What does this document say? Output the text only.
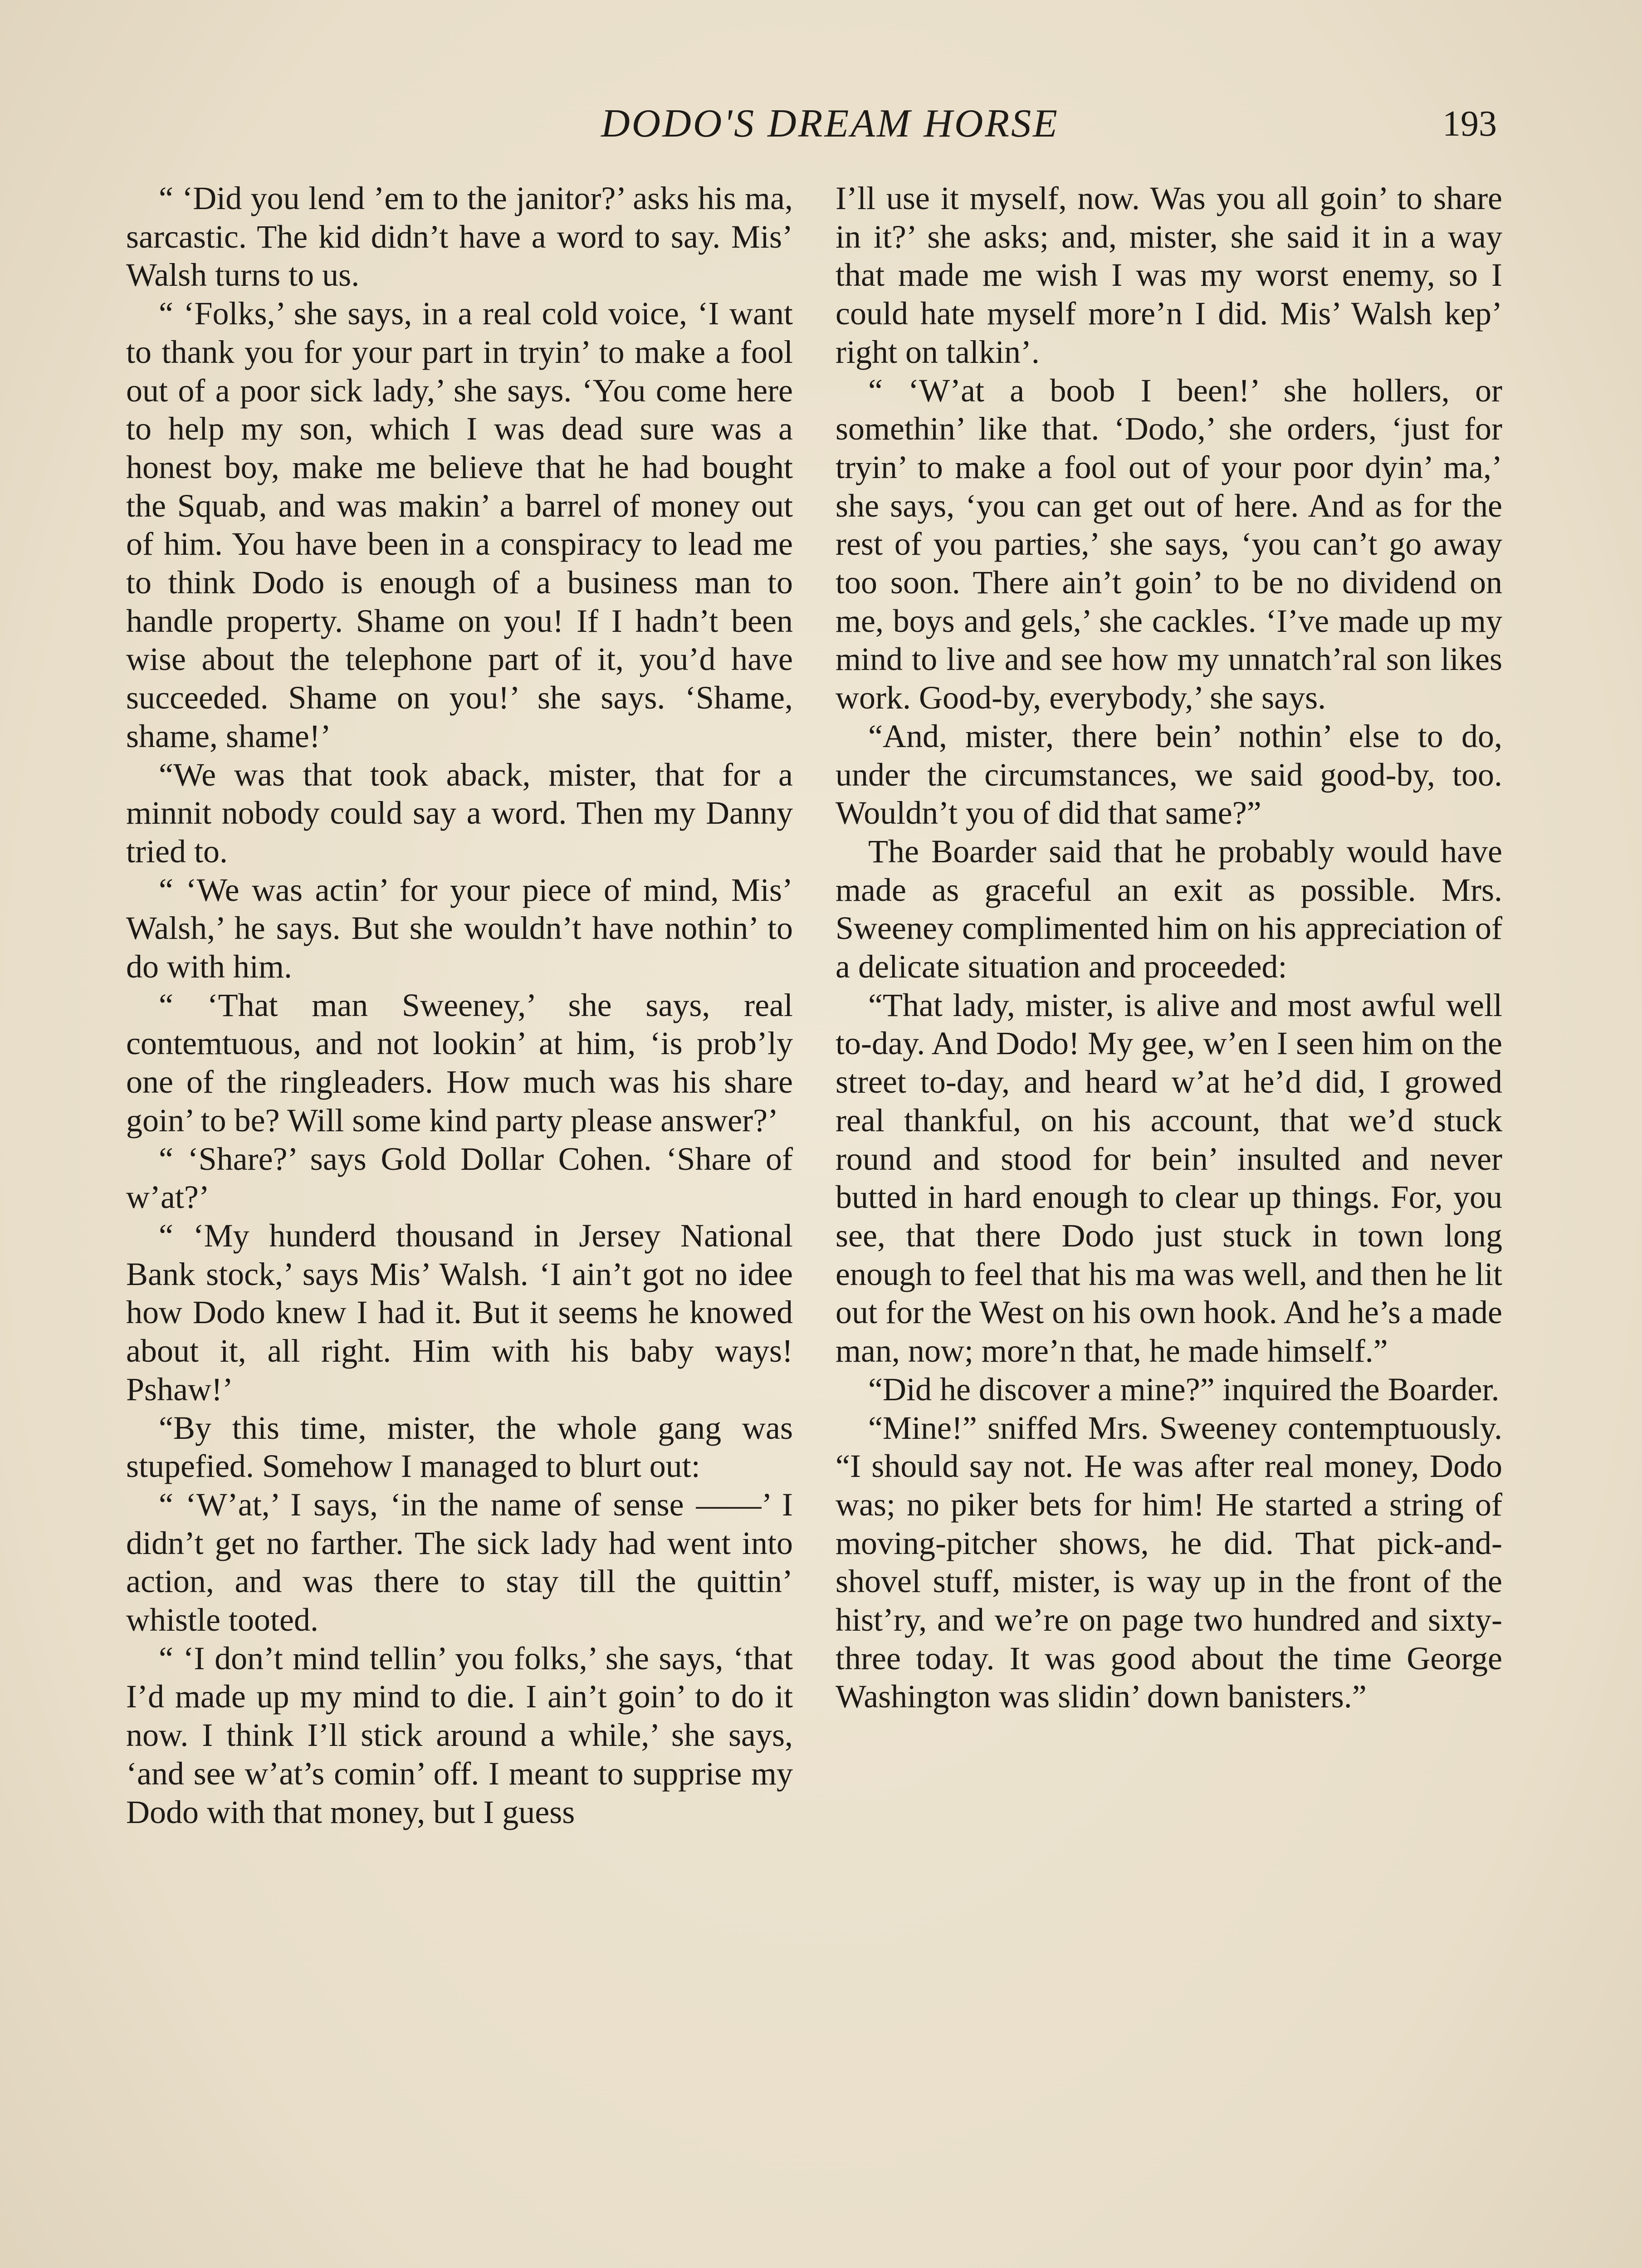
DODO'S DREAM HORSE	193

“ ‘Did you lend ’em to the janitor?’ asks his ma, sarcastic. The kid didn’t have a word to say. Mis’ Walsh turns to us.

“ ‘Folks,’ she says, in a real cold voice, ‘I want to thank you for your part in tryin’ to make a fool out of a poor sick lady,’ she says. ‘You come here to help my son, which I was dead sure was a honest boy, make me believe that he had bought the Squab, and was makin’ a barrel of money out of him. You have been in a conspiracy to lead me to think Dodo is enough of a business man to handle property. Shame on you! If I hadn’t been wise about the telephone part of it, you’d have succeeded. Shame on you!’ she says. ‘Shame, shame, shame!’

“We was that took aback, mister, that for a minnit nobody could say a word. Then my Danny tried to.

“ ‘We was actin’ for your piece of mind, Mis’ Walsh,’ he says. But she wouldn’t have nothin’ to do with him.

“ ‘That man Sweeney,’ she says, real contemtuous, and not lookin’ at him, ‘is prob’ly one of the ringleaders. How much was his share goin’ to be? Will some kind party please answer?’

“ ‘Share?’ says Gold Dollar Cohen. ‘Share of w’at?’

“ ‘My hunderd thousand in Jersey National Bank stock,’ says Mis’ Walsh. ‘I ain’t got no idee how Dodo knew I had it. But it seems he knowed about it, all right. Him with his baby ways! Pshaw!’

“By this time, mister, the whole gang was stupefied. Somehow I managed to blurt out:

“ ‘W’at,’ I says, ‘in the name of sense ——’ I didn’t get no farther. The sick lady had went into action, and was there to stay till the quittin’ whistle tooted.

“ ‘I don’t mind tellin’ you folks,’ she says, ‘that I’d made up my mind to die. I ain’t goin’ to do it now. I think I’ll stick around a while,’ she says, ‘and see w’at’s comin’ off. I meant to supprise my Dodo with that money, but I guess

I’ll use it myself, now. Was you all goin’ to share in it?’ she asks; and, mister, she said it in a way that made me wish I was my worst enemy, so I could hate myself more’n I did. Mis’ Walsh kep’ right on talkin’.

“ ‘W’at a boob I been!’ she hollers, or somethin’ like that. ‘Dodo,’ she orders, ‘just for tryin’ to make a fool out of your poor dyin’ ma,’ she says, ‘you can get out of here. And as for the rest of you parties,’ she says, ‘you can’t go away too soon. There ain’t goin’ to be no dividend on me, boys and gels,’ she cackles. ‘I’ve made up my mind to live and see how my unnatch’ral son likes work. Good-by, everybody,’ she says.

“And, mister, there bein’ nothin’ else to do, under the circumstances, we said good-by, too. Wouldn’t you of did that same?”

The Boarder said that he probably would have made as graceful an exit as possible. Mrs. Sweeney complimented him on his appreciation of a delicate situation and proceeded:

“That lady, mister, is alive and most awful well to-day. And Dodo! My gee, w’en I seen him on the street to-day, and heard w’at he’d did, I growed real thankful, on his account, that we’d stuck round and stood for bein’ insulted and never butted in hard enough to clear up things. For, you see, that there Dodo just stuck in town long enough to feel that his ma was well, and then he lit out for the West on his own hook. And he’s a made man, now; more’n that, he made himself.”

“Did he discover a mine?” inquired the Boarder.

“Mine!” sniffed Mrs. Sweeney contemptuously. “I should say not. He was after real money, Dodo was; no piker bets for him! He started a string of moving-pitcher shows, he did. That pick-and-shovel stuff, mister, is way up in the front of the hist’ry, and we’re on page two hundred and sixty-three today. It was good about the time George Washington was slidin’ down banisters.”
